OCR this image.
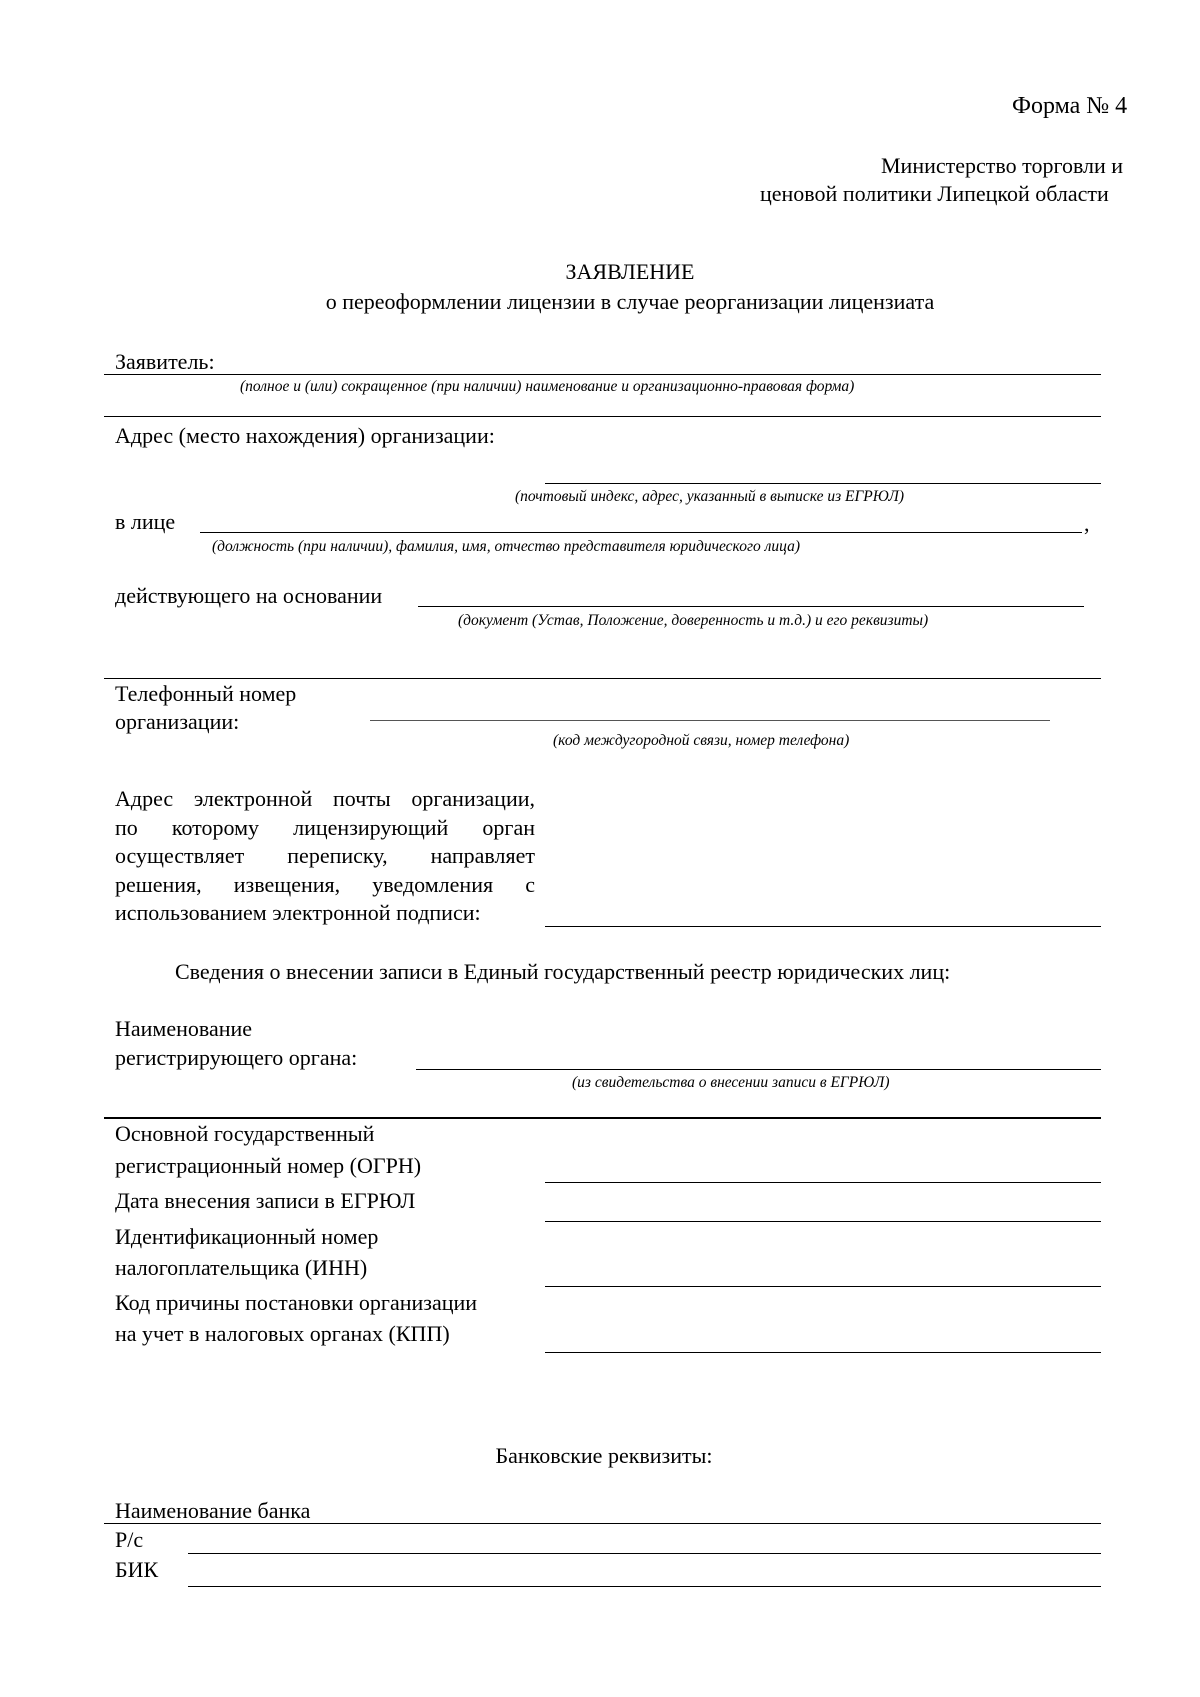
Форма № 4
Министерство торговли и
ценовой политики Липецкой области
ЗАЯВЛЕНИЕ
о переоформлении лицензии в случае реорганизации лицензиата
Заявитель:
(полное и (или) сокращенное (при наличии) наименование и организационно-правовая форма)
Адрес (место нахождения) организации:
(почтовый индекс, адрес, указанный в выписке из ЕГРЮЛ)
в лице	,
(должность (при наличии), фамилия, имя, отчество представителя юридического лица)
действующего на основании
(документ (Устав, Положение, доверенность и т.д.) и его реквизиты)
Телефонный номер
организации:
(код междугородной связи, номер телефона)
Адрес электронной почты организации,
по которому лицензирующий орган
осуществляет переписку, направляет
решения, извещения, уведомления с
использованием электронной подписи:
Сведения о внесении записи в Единый государственный реестр юридических лиц:
Наименование
регистрирующего органа:
(из свидетельства о внесении записи в ЕГРЮЛ)
Основной государственный
регистрационный номер (ОГРН)
Дата внесения записи в ЕГРЮЛ
Идентификационный номер
налогоплательщика (ИНН)
Код причины постановки организации
на учет в налоговых органах (КПП)
Банковские реквизиты:
Наименование банка
Р/с
БИК
